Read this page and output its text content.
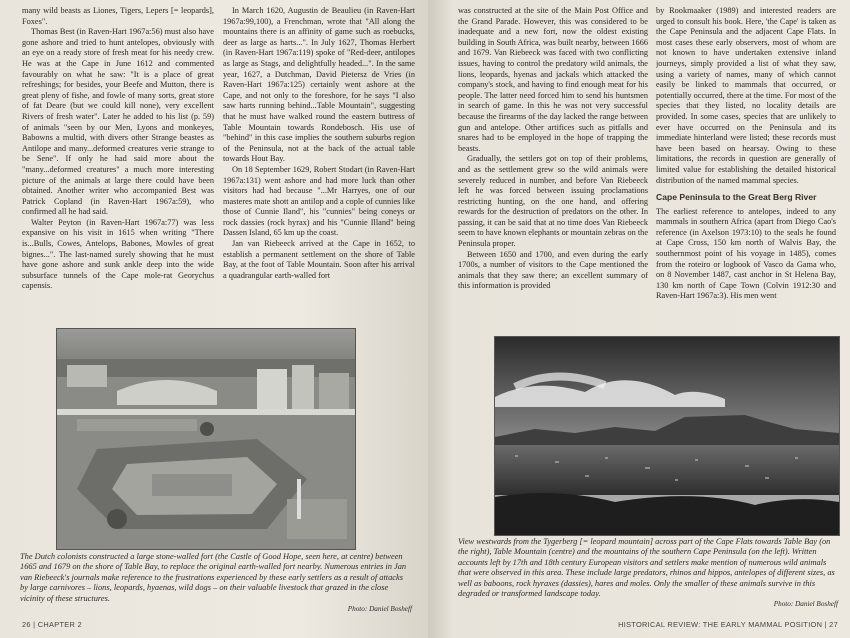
many wild beasts as Liones, Tigers, Lepers [= leopards], Foxes".

Thomas Best (in Raven-Hart 1967a:56) must also have gone ashore and tried to hunt antelopes, obviously with an eye on a ready store of fresh meat for his needy crew. He was at the Cape in June 1612 and commented favourably on what he saw: "It is a place of great refreshings; for besides, your Beefe and Mutton, there is great pleny of fishe, and fowle of many sorts, great store of fat Deare (but we could kill none), very excellent Rivers of fresh water". Later he added to his list (p. 59) of animals "seen by our Men, Lyons and monkeyes, Babowns a multid, with divers other Strange beastes as Antilope and many...deformed creatures verie strange to be Sene". If only he had said more about the "many...deformed creatures" a much more interesting picture of the animals at large there could have been obtained. Another writer who accompanied Best was Patrick Copland (in Raven-Hart 1967a:59), who confirmed all he had said.

Walter Peyton (in Raven-Hart 1967a:77) was less expansive on his visit in 1615 when writing "There is...Bulls, Cowes, Antelops, Babones, Mowles of great bignes...". The last-named surely showing that he must have gone ashore and sunk ankle deep into the wide subsurface tunnels of the Cape mole-rat Georychus capensis.

In March 1620, Augustin de Beaulieu (in Raven-Hart 1967a:99,100), a Frenchman, wrote that "All along the mountains there is an affinity of game such as roebucks, deer as large as harts...". In July 1627, Thomas Herbert (in Raven-Hart 1967a:119) spoke of "Red-deer, antilopes as large as Stags, and delightfully headed...". In the same year, 1627, a Dutchman, David Pietersz de Vries (in Raven-Hart 1967a:125) certainly went ashore at the Cape, and not only to the foreshore, for he says "I also saw harts running behind...Table Mountain", suggesting that he must have walked round the eastern buttress of Table Mountain towards Rondebosch. His use of "behind" in this case implies the southern suburbs region of the Peninsula, not at the back of the actual table towards Hout Bay.

On 18 September 1629, Robert Stodart (in Raven-Hart 1967a:131) went ashore and had more luck than other visitors had had because "...Mr Harryes, one of our masteres mate shott an antilop and a cople of cunnies like those of Cunnie Iland", his "cunnies" being coneys or rock dassies (rock hyrax) and his "Cunnie Illand" being Dassen Island, 65 km up the coast.

Jan van Riebeeck arrived at the Cape in 1652, to establish a permanent settlement on the shore of Table Bay, at the foot of Table Mountain. Soon after his arrival a quadrangular earth-walled fort

The Dutch colonists constructed a large stone-walled fort (the Castle of Good Hope, seen here, at centre) between 1665 and 1679 on the shore of Table Bay, to replace the original earth-walled fort nearby. Numerous entries in Jan van Riebeeck's journals make reference to the frustrations experienced by these early settlers as a result of attacks by large carnivores – lions, leopards, hyaenas, wild dogs – on their valuable livestock that grazed in the close vicinity of these structures.
Photo: Daniel Bosheff
26 | CHAPTER 2

was constructed at the site of the Main Post Office and the Grand Parade. However, this was considered to be inadequate and a new fort, now the oldest existing building in South Africa, was built nearby, between 1666 and 1679. Van Riebeeck was faced with two conflicting issues, having to control the predatory wild animals, the lions, leopards, hyenas and jackals which attacked the company's stock, and having to find enough meat for his people. The latter need forced him to send his huntsmen in search of game. In this he was not very successful because the firearms of the day lacked the range between gun and antelope. Other artifices such as pitfalls and snares had to be employed in the hope of trapping the beasts.

Gradually, the settlers got on top of their problems, and as the settlement grew so the wild animals were severely reduced in number, and before Van Riebeeck left he was forced between issuing proclamations restricting hunting, on the one hand, and offering rewards for the destruction of predators on the other. In passing, it can be said that at no time does Van Riebeeck seem to have known elephants or mountain zebras on the Peninsula proper.

Between 1650 and 1700, and even during the early 1700s, a number of visitors to the Cape mentioned the animals that they saw there; an excellent summary of this information is provided

by Rookmaaker (1989) and interested readers are urged to consult his book. Here, 'the Cape' is taken as the Cape Peninsula and the adjacent Cape Flats. In most cases these early observers, most of whom are not known to have undertaken extensive inland journeys, simply provided a list of what they saw, using a variety of names, many of which cannot easily be linked to mammals that occurred, or potentially occurred, there at the time. For most of the species that they listed, no locality details are provided. In some cases, species that are unlikely to ever have occurred on the Peninsula and its immediate hinterland were listed; these records must have been based on hearsay. Owing to these limitations, the records in question are generally of limited value for establishing the detailed historical distribution of the named mammal species.

Cape Peninsula to the Great Berg River

The earliest reference to antelopes, indeed to any mammals in southern Africa (apart from Diego Cao's reference (in Axelson 1973:10) to the seals he found at Cape Cross, 150 km north of Walvis Bay, the southernmost point of his voyage in 1485), comes from the roteiro or logbook of Vasco da Gama who, on 8 November 1487, cast anchor in St Helena Bay, 130 km north of Cape Town (Colvin 1912:30 and Raven-Hart 1967a:3). His men went

View westwards from the Tygerberg [= leopard mountain] across part of the Cape Flats towards Table Bay (on the right), Table Mountain (centre) and the mountains of the southern Cape Peninsula (on the left). Written accounts left by 17th and 18th century European visitors and settlers make mention of numerous wild animals that were observed in this area. These include large predators, rhinos and hippos, antelopes of different sizes, as well as baboons, rock hyraxes (dassies), hares and moles. Only the smaller of these animals survive in this degraded or transformed landscape today.
Photo: Daniel Bosheff
HISTORICAL REVIEW: THE EARLY MAMMAL POSITION | 27
